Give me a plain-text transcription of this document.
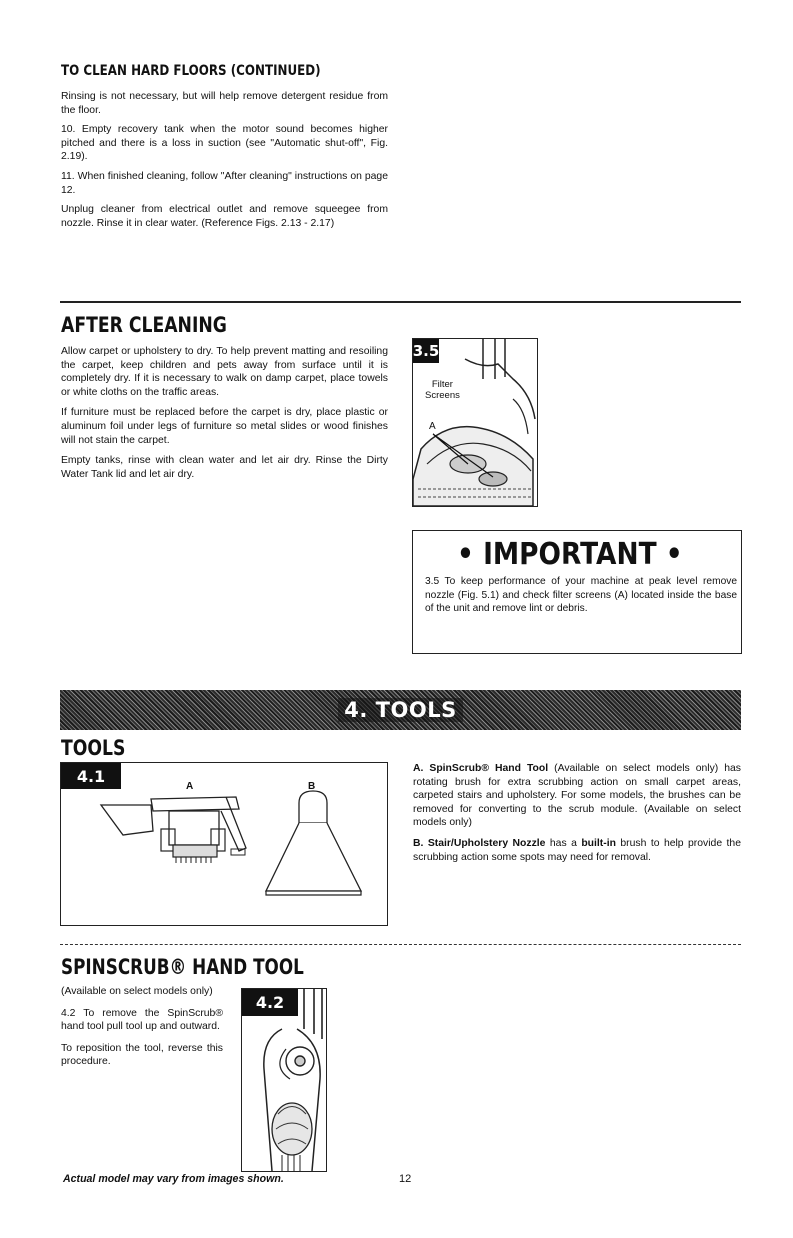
TO CLEAN HARD FLOORS (CONTINUED)

Rinsing is not necessary, but will help remove detergent residue from the floor.

10. Empty recovery tank when the motor sound becomes higher pitched and there is a loss in suction (see "Automatic shut-off", Fig. 2.19).

11. When finished cleaning, follow "After cleaning" instructions on page 12.

Unplug cleaner from electrical outlet and remove squeegee from nozzle. Rinse it in clear water. (Reference Figs. 2.13 - 2.17)

AFTER CLEANING

Allow carpet or upholstery to dry. To help prevent matting and resoiling the carpet, keep children and pets away from surface until it is completely dry. If it is necessary to walk on damp carpet, place towels or white cloths on the traffic areas.

If furniture must be replaced before the carpet is dry, place plastic or aluminum foil under legs of furniture so metal slides or wood finishes will not stain the carpet.

Empty tanks, rinse with clean water and let air dry. Rinse the Dirty Water Tank lid and let air dry.

3.5
Filter
Screens
A
• IMPORTANT •

3.5 To keep performance of your machine at peak level remove nozzle (Fig. 5.1) and check filter screens (A) located inside the base of the unit and remove lint or debris.

4. TOOLS
TOOLS
4.1
A	B

A. SpinScrub® Hand Tool (Available on select models only) has rotating brush for extra scrubbing action on small carpet areas, carpeted stairs and upholstery. For some models, the brushes can be removed for converting to the scrub module. (Available on select models only)

B. Stair/Upholstery Nozzle has a built-in brush to help provide the scrubbing action some spots may need for removal.

SPINSCRUB® HAND TOOL

(Available on select models only)

4.2 To remove the SpinScrub® hand tool pull tool up and outward.

To reposition the tool, reverse this procedure.

4.2
Actual model may vary from images shown.	12
